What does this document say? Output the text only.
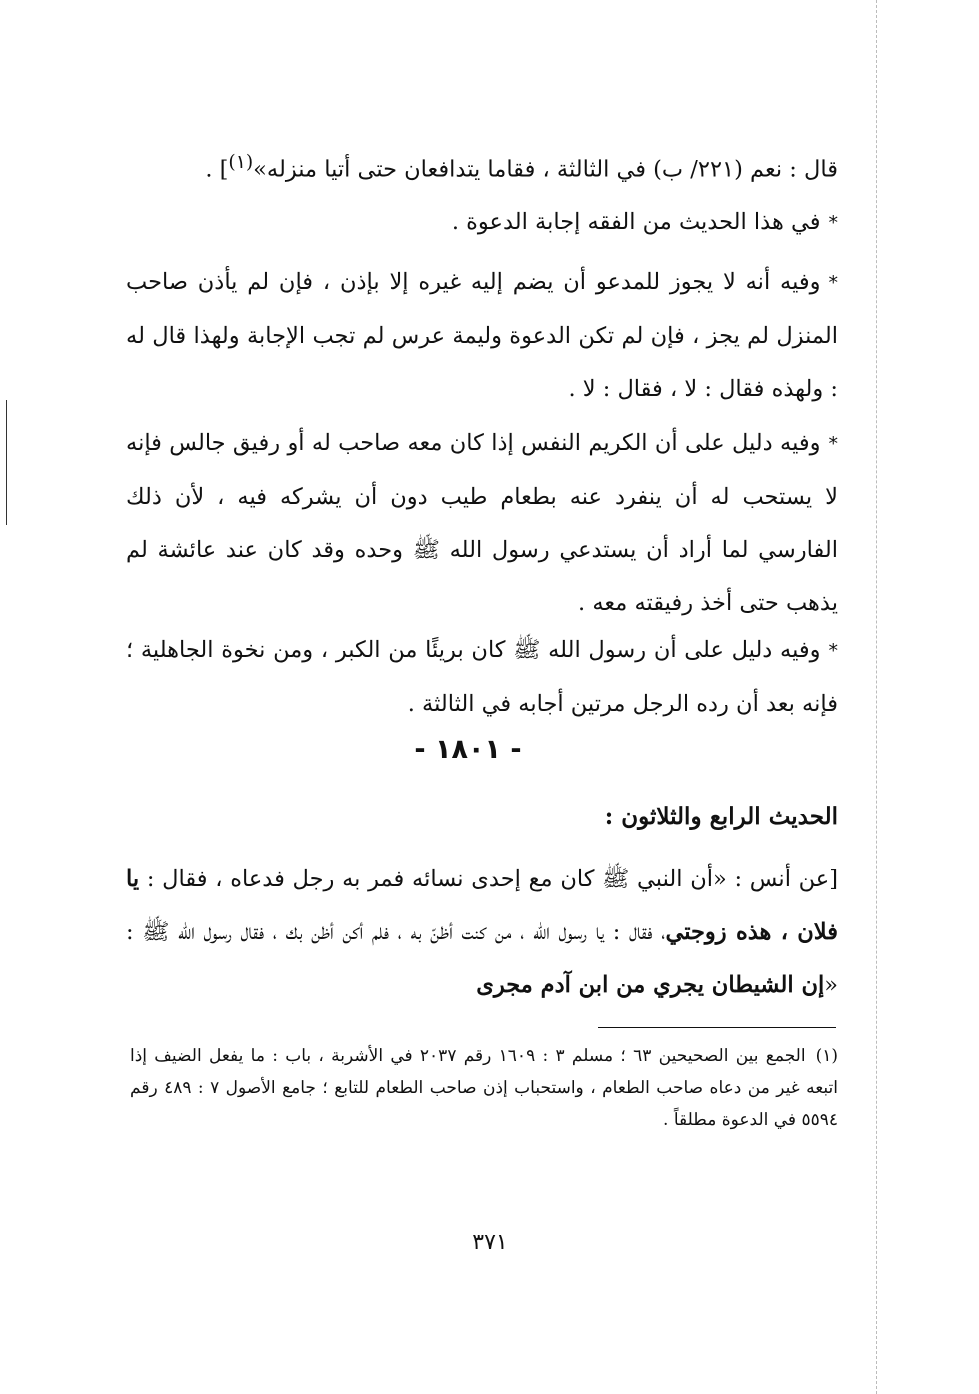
قال : نعم (٢٢١/ ب) في الثالثة ، فقاما يتدافعان حتى أتيا منزله»$^{(١)}$] .

*في هذا الحديث من الفقه إجابة الدعوة .

*وفيه أنه لا يجوز للمدعو أن يضم إليه غيره إلا بإذن ، فإن لم يأذن صاحب المنزل لم يجز ، فإن لم تكن الدعوة وليمة عرس لم تجب الإجابة ولهذا قال له : ولهذه فقال : لا ، فقال : لا .

*وفيه دليل على أن الكريم النفس إذا كان معه صاحب له أو رفيق جالس فإنه لا يستحب له أن ينفرد عنه بطعام طيب دون أن يشركه فيه ، لأن ذلك الفارسي لما أراد أن يستدعي رسول الله ﷺ وحده وقد كان عند عائشة لم يذهب حتى أخذ رفيقته معه .

*وفيه دليل على أن رسول الله ﷺ كان بريئًا من الكبر ، ومن نخوة الجاهلية ؛ فإنه بعد أن رده الرجل مرتين أجابه في الثالثة .

- ١٨٠١ -
الحديث الرابع والثلاثون :

[عن أنس : «أن النبي ﷺ كان مع إحدى نسائه فمر به رجل فدعاه ، فقال : يا فلان ، هذه زوجتي، فقال : يا رسول الله ، من كنت أظنّ به ، فلم أكن أظن بك ، فقال رسول الله ﷺ : «إن الشيطان يجري من ابن آدم مجرى

(١)الجمع بين الصحيحين ٦٣ ؛ مسلم ٣ : ١٦٠٩ رقم ٢٠٣٧ في الأشربة ، باب : ما يفعل الضيف إذا اتبعه غير من دعاه صاحب الطعام ، واستحباب إذن صاحب الطعام للتابع ؛ جامع الأصول ٧ : ٤٨٩ رقم ٥٥٩٤ في الدعوة مطلقاً .
٣٧١
